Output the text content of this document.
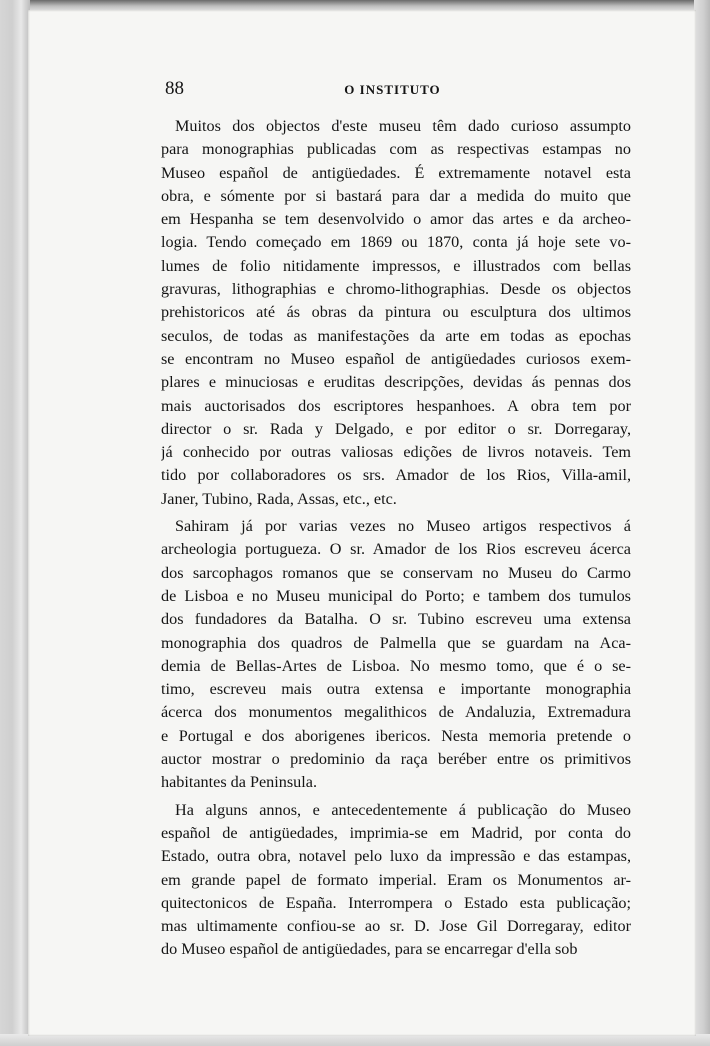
88	O INSTITUTO
Muitos dos objectos d'este museu têm dado curioso assumpto
para monographias publicadas com as respectivas estampas no
Museo español de antigüedades. É extremamente notavel esta
obra, e sómente por si bastará para dar a medida do muito que
em Hespanha se tem desenvolvido o amor das artes e da archeo-
logia. Tendo começado em 1869 ou 1870, conta já hoje sete vo-
lumes de folio nitidamente impressos, e illustrados com bellas
gravuras, lithographias e chromo-lithographias. Desde os objectos
prehistoricos até ás obras da pintura ou esculptura dos ultimos
seculos, de todas as manifestações da arte em todas as epochas
se encontram no Museo español de antigüedades curiosos exem-
plares e minuciosas e eruditas descripções, devidas ás pennas dos
mais auctorisados dos escriptores hespanhoes. A obra tem por
director o sr. Rada y Delgado, e por editor o sr. Dorregaray,
já conhecido por outras valiosas edições de livros notaveis. Tem
tido por collaboradores os srs. Amador de los Rios, Villa-amil,
Janer, Tubino, Rada, Assas, etc., etc.
Sahiram já por varias vezes no Museo artigos respectivos á
archeologia portugueza. O sr. Amador de los Rios escreveu ácerca
dos sarcophagos romanos que se conservam no Museu do Carmo
de Lisboa e no Museu municipal do Porto; e tambem dos tumulos
dos fundadores da Batalha. O sr. Tubino escreveu uma extensa
monographia dos quadros de Palmella que se guardam na Aca-
demia de Bellas-Artes de Lisboa. No mesmo tomo, que é o se-
timo, escreveu mais outra extensa e importante monographia
ácerca dos monumentos megalithicos de Andaluzia, Extremadura
e Portugal e dos aborigenes ibericos. Nesta memoria pretende o
auctor mostrar o predominio da raça beréber entre os primitivos
habitantes da Peninsula.
Ha alguns annos, e antecedentemente á publicação do Museo
español de antigüedades, imprimia-se em Madrid, por conta do
Estado, outra obra, notavel pelo luxo da impressão e das estampas,
em grande papel de formato imperial. Eram os Monumentos ar-
quitectonicos de España. Interrompera o Estado esta publicação;
mas ultimamente confiou-se ao sr. D. Jose Gil Dorregaray, editor
do Museo español de antigüedades, para se encarregar d'ella sob
